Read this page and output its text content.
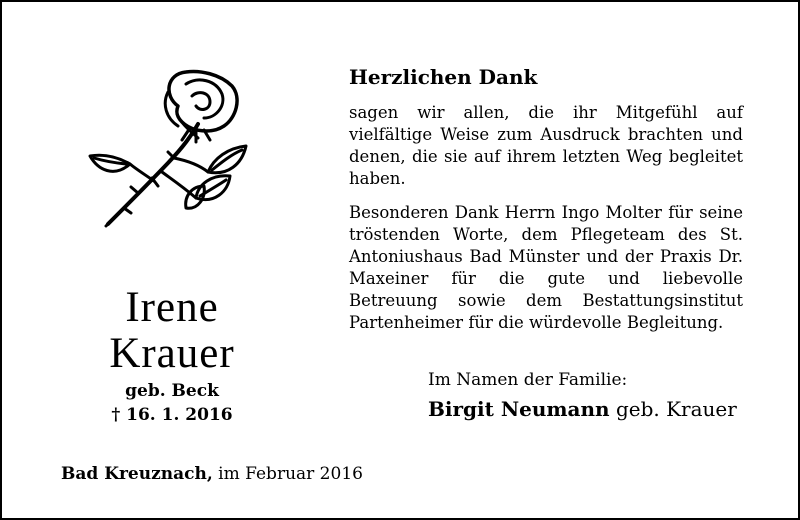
Irene
Krauer
geb. Beck
† 16. 1. 2016
Herzlichen Dank

sagen wir allen, die ihr Mitgefühl auf vielfältige Weise zum Ausdruck brachten und denen, die sie auf ihrem letzten Weg begleitet haben.

Besonderen Dank Herrn Ingo Molter für seine tröstenden Worte, dem Pflegeteam des St. Antoniushaus Bad Münster und der Praxis Dr. Maxeiner für die gute und liebevolle Betreuung sowie dem Bestattungsinstitut Partenheimer für die würdevolle Begleitung.

Im Namen der Familie:
Birgit Neumann geb. Krauer
Bad Kreuznach, im Februar 2016
